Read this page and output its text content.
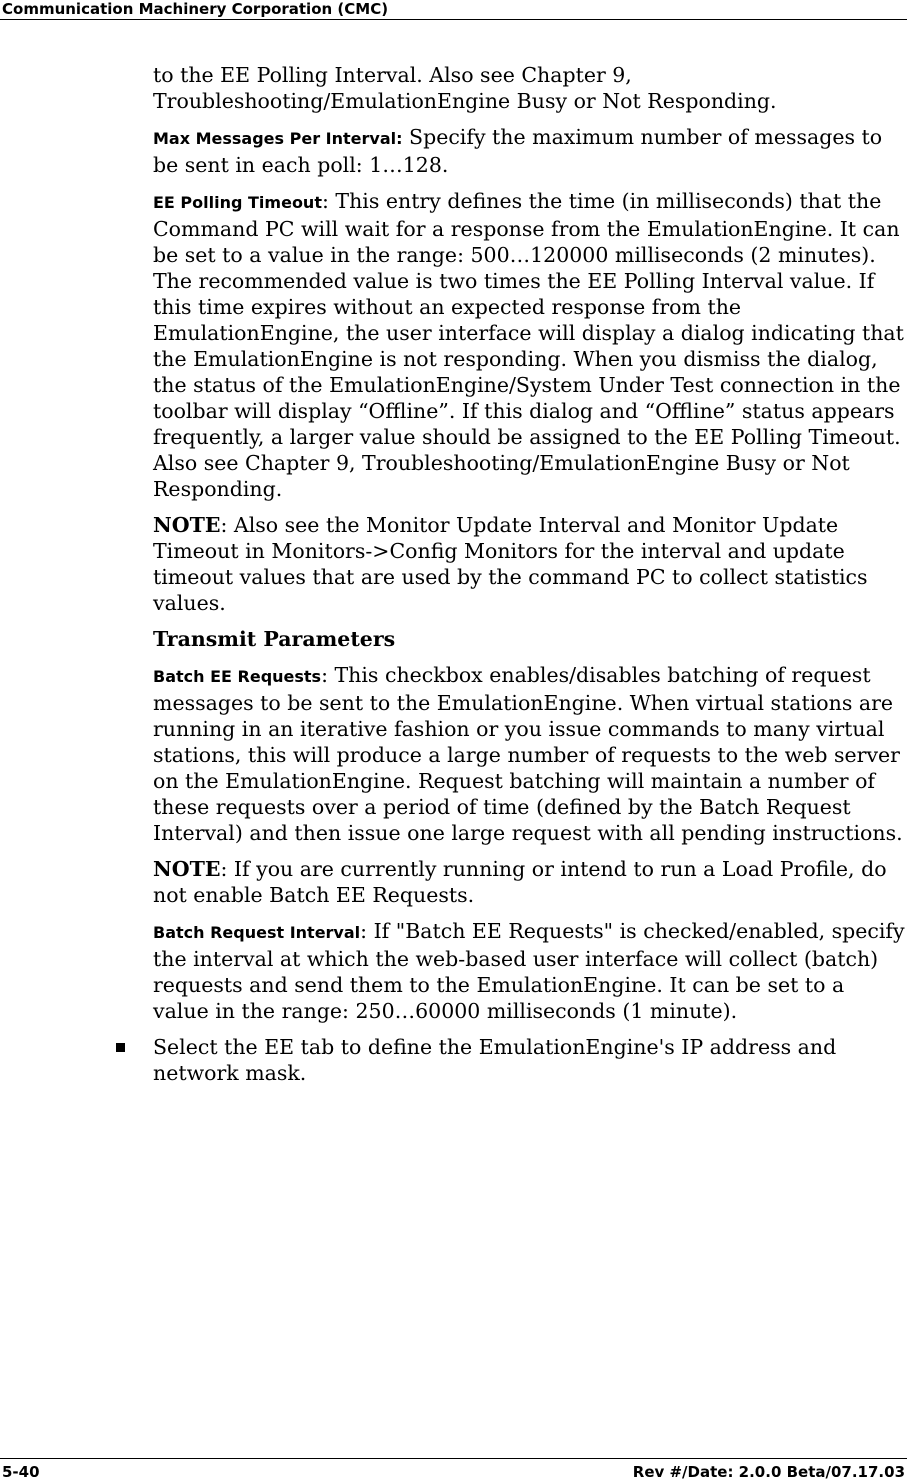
Communication Machinery Corporation (CMC)

to the EE Polling Interval. Also see Chapter 9, Troubleshooting/EmulationEngine Busy or Not Responding.

Max Messages Per Interval: Specify the maximum number of messages to be sent in each poll: 1…128.

EE Polling Timeout: This entry defines the time (in milliseconds) that the Command PC will wait for a response from the EmulationEngine. It can be set to a value in the range: 500…120000 milliseconds (2 minutes). The recommended value is two times the EE Polling Interval value. If this time expires without an expected response from the EmulationEngine, the user interface will display a dialog indicating that the EmulationEngine is not responding. When you dismiss the dialog, the status of the EmulationEngine/System Under Test connection in the toolbar will display “Offline”. If this dialog and “Offline” status appears frequently, a larger value should be assigned to the EE Polling Timeout. Also see Chapter 9, Troubleshooting/EmulationEngine Busy or Not Responding.

NOTE: Also see the Monitor Update Interval and Monitor Update Timeout in Monitors->Config Monitors for the interval and update timeout values that are used by the command PC to collect statistics values.

Transmit Parameters

Batch EE Requests: This checkbox enables/disables batching of request messages to be sent to the EmulationEngine. When virtual stations are running in an iterative fashion or you issue commands to many virtual stations, this will produce a large number of requests to the web server on the EmulationEngine. Request batching will maintain a number of these requests over a period of time (defined by the Batch Request Interval) and then issue one large request with all pending instructions.

NOTE: If you are currently running or intend to run a Load Profile, do not enable Batch EE Requests.

Batch Request Interval: If "Batch EE Requests" is checked/enabled, specify the interval at which the web-based user interface will collect (batch) requests and send them to the EmulationEngine. It can be set to a value in the range: 250…60000 milliseconds (1 minute).

Select the EE tab to define the EmulationEngine's IP address and network mask.

5-40	Rev #/Date: 2.0.0 Beta/07.17.03
